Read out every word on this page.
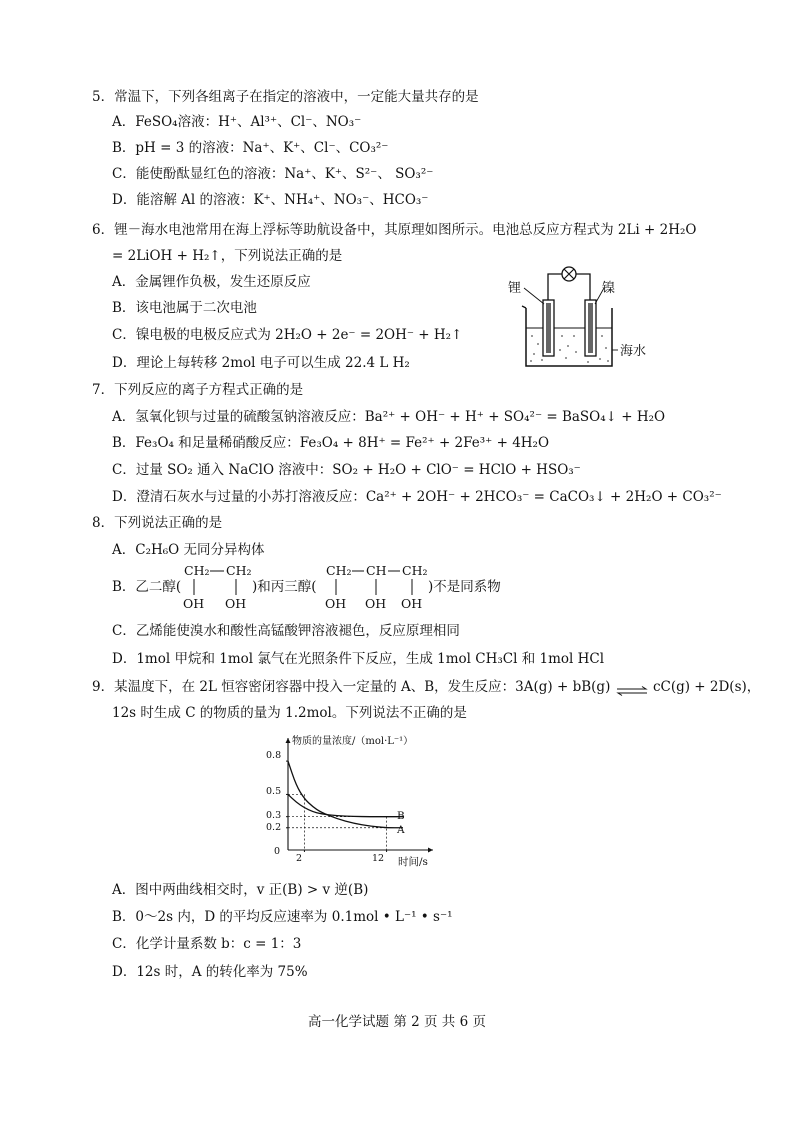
5．常温下，下列各组离子在指定的溶液中，一定能大量共存的是
A．FeSO₄溶液：H⁺、Al³⁺、Cl⁻、NO₃⁻
B．pH = 3 的溶液：Na⁺、K⁺、Cl⁻、CO₃²⁻
C．能使酚酞显红色的溶液：Na⁺、K⁺、S²⁻、 SO₃²⁻
D．能溶解 Al 的溶液：K⁺、NH₄⁺、NO₃⁻、HCO₃⁻
6．锂－海水电池常用在海上浮标等助航设备中，其原理如图所示。电池总反应方程式为 2Li + 2H₂O
= 2LiOH + H₂↑，下列说法正确的是
A．金属锂作负极，发生还原反应
B．该电池属于二次电池
C．镍电极的电极反应式为 2H₂O + 2e⁻ = 2OH⁻ + H₂↑
D．理论上每转移 2mol 电子可以生成 22.4 L H₂
锂	镍
海水
7．下列反应的离子方程式正确的是
A．氢氧化钡与过量的硫酸氢钠溶液反应：Ba²⁺ + OH⁻ + H⁺ + SO₄²⁻ = BaSO₄↓ + H₂O
B．Fe₃O₄ 和足量稀硝酸反应：Fe₃O₄ + 8H⁺ = Fe²⁺ + 2Fe³⁺ + 4H₂O
C．过量 SO₂ 通入 NaClO 溶液中：SO₂ + H₂O + ClO⁻ = HClO + HSO₃⁻
D．澄清石灰水与过量的小苏打溶液反应：Ca²⁺ + 2OH⁻ + 2HCO₃⁻ = CaCO₃↓ + 2H₂O + CO₃²⁻
8．下列说法正确的是
A．C₂H₆O 无同分异构体
B．乙二醇(
CH₂ CH₂
OH OH
)和丙三醇(
CH₂ CH CH₂
OH OH OH
)不是同系物
C．乙烯能使溴水和酸性高锰酸钾溶液褪色，反应原理相同
D．1mol 甲烷和 1mol 氯气在光照条件下反应，生成 1mol CH₃Cl 和 1mol HCl
9．某温度下，在 2L 恒容密闭容器中投入一定量的 A、B，发生反应：3A(g) + bB(g) ⇌ cC(g) + 2D(s)，
12s 时生成 C 的物质的量为 1.2mol。下列说法不正确的是
物质的量浓度/（mol·L⁻¹）
时间/s
0
0.8
0.5
0.3
0.2
2	12
B
A
A．图中两曲线相交时，v 正(B) > v 逆(B)
B．0～2s 内，D 的平均反应速率为 0.1mol • L⁻¹ • s⁻¹
C．化学计量系数 b：c = 1：3
D．12s 时，A 的转化率为 75%
高一化学试题 第 2 页 共 6 页
